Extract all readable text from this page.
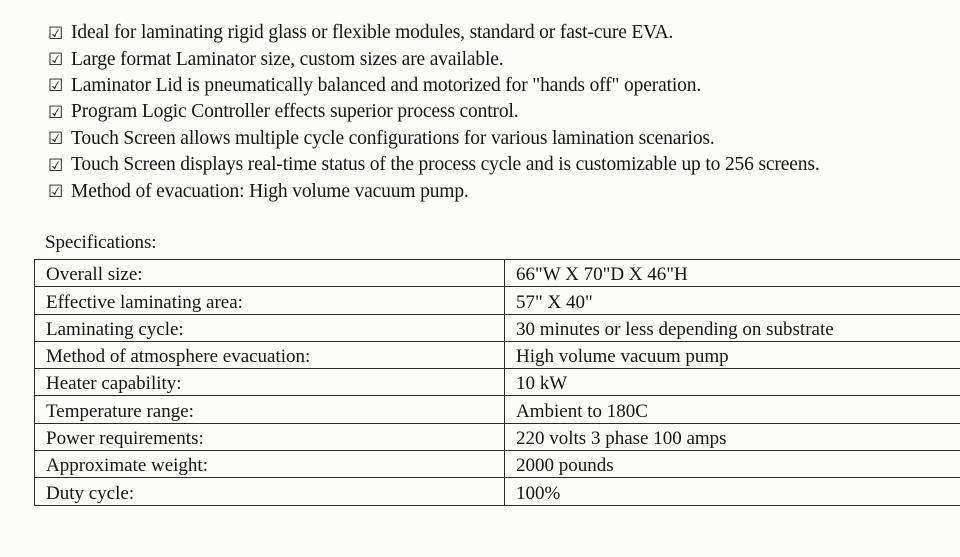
☑ Ideal for laminating rigid glass or flexible modules, standard or fast-cure EVA.
☑ Large format Laminator size, custom sizes are available.
☑ Laminator Lid is pneumatically balanced and motorized for "hands off" operation.
☑ Program Logic Controller effects superior process control.
☑ Touch Screen allows multiple cycle configurations for various lamination scenarios.
☑ Touch Screen displays real-time status of the process cycle and is customizable up to 256 screens.
☑ Method of evacuation: High volume vacuum pump.
Specifications:
Overall size:	66"W X 70"D X 46"H
Effective laminating area:	57" X 40"
Laminating cycle:	30 minutes or less depending on substrate
Method of atmosphere evacuation:	High volume vacuum pump
Heater capability:	10 kW
Temperature range:	Ambient to 180C
Power requirements:	220 volts 3 phase 100 amps
Approximate weight:	2000 pounds
Duty cycle:	100%
